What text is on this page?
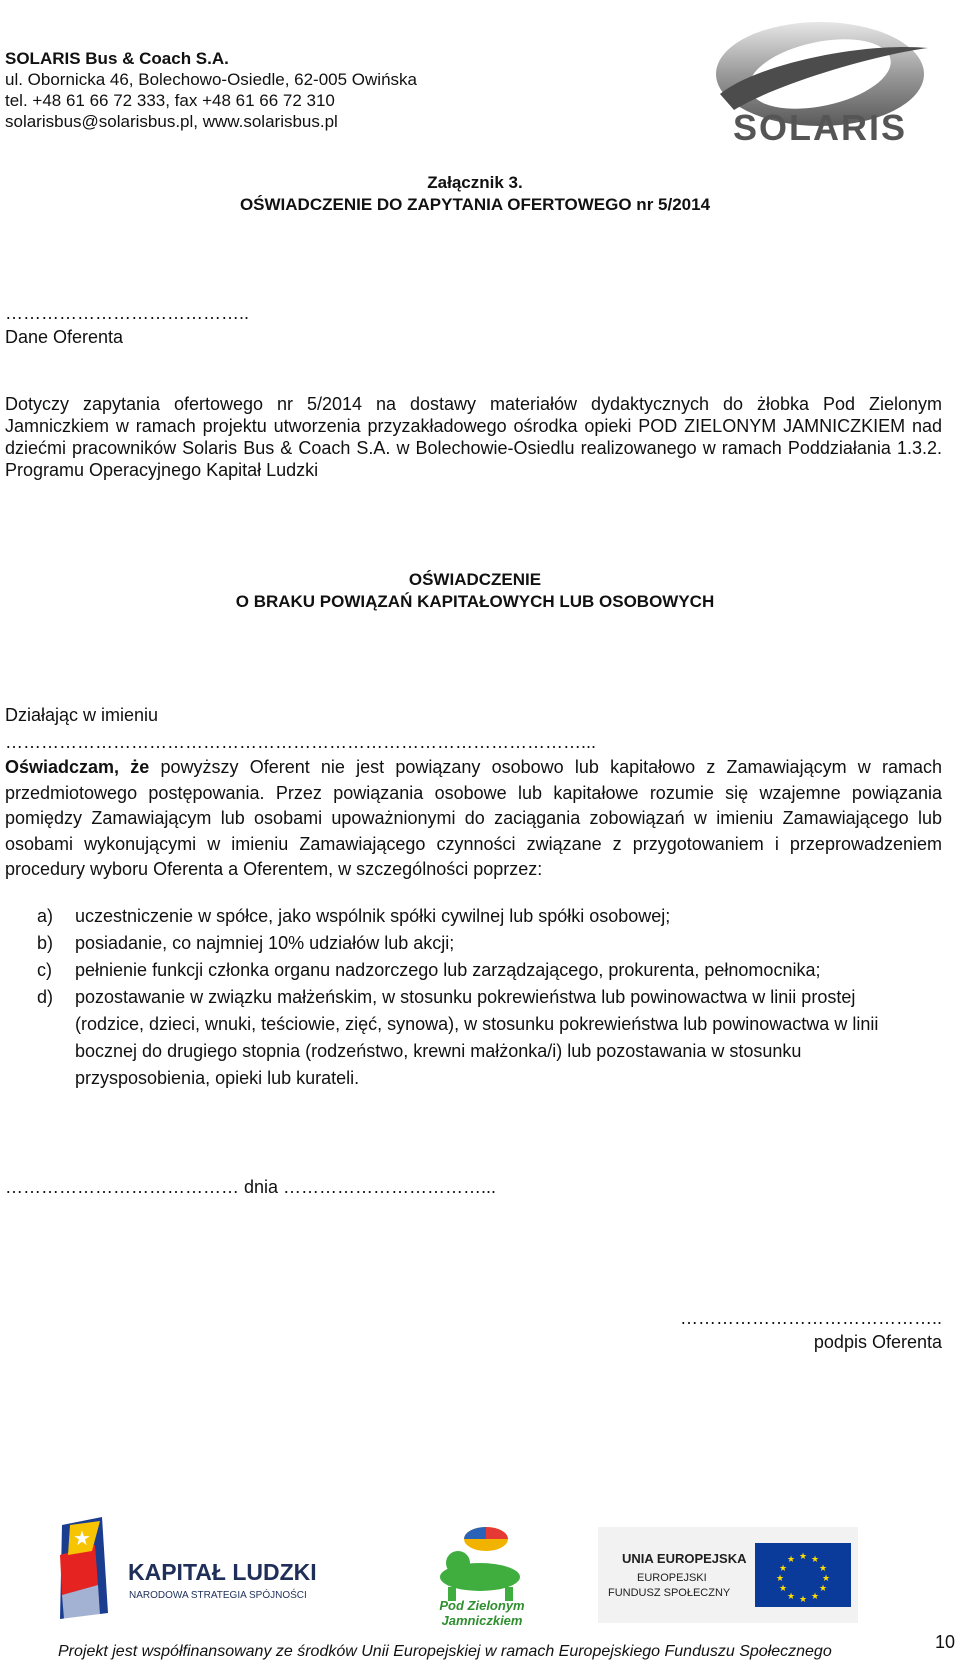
SOLARIS Bus & Coach S.A.
ul. Obornicka 46, Bolechowo-Osiedle, 62-005 Owińska
tel. +48 61 66 72 333, fax +48 61 66 72 310
solarisbus@solarisbus.pl, www.solarisbus.pl	SOLARIS
Załącznik 3.
OŚWIADCZENIE DO ZAPYTANIA OFERTOWEGO nr 5/2014
…………………………………..
Dane Oferenta
Dotyczy zapytania ofertowego nr 5/2014 na dostawy materiałów dydaktycznych do żłobka Pod Zielonym Jamniczkiem w ramach projektu utworzenia przyzakładowego ośrodka opieki POD ZIELONYM JAMNICZKIEM nad dziećmi pracowników Solaris Bus & Coach S.A. w Bolechowie-Osiedlu realizowanego w ramach Poddziałania 1.3.2. Programu Operacyjnego Kapitał Ludzki
OŚWIADCZENIE
O BRAKU POWIĄZAŃ KAPITAŁOWYCH LUB OSOBOWYCH
Działając w imieniu
……………………………………………………………………………………...
Oświadczam, że powyższy Oferent nie jest powiązany osobowo lub kapitałowo z Zamawiającym w ramach przedmiotowego postępowania. Przez powiązania osobowe lub kapitałowe rozumie się wzajemne powiązania pomiędzy Zamawiającym lub osobami upoważnionymi do zaciągania zobowiązań w imieniu Zamawiającego lub osobami wykonującymi w imieniu Zamawiającego czynności związane z przygotowaniem i przeprowadzeniem procedury wyboru Oferenta a Oferentem, w szczególności poprzez:
a) uczestniczenie w spółce, jako wspólnik spółki cywilnej lub spółki osobowej;
b) posiadanie, co najmniej 10% udziałów lub akcji;
c) pełnienie funkcji członka organu nadzorczego lub zarządzającego, prokurenta, pełnomocnika;
d) pozostawanie w związku małżeńskim, w stosunku pokrewieństwa lub powinowactwa w linii prostej (rodzice, dzieci, wnuki, teściowie, zięć, synowa), w stosunku pokrewieństwa lub powinowactwa w linii bocznej do drugiego stopnia (rodzeństwo, krewni małżonka/i) lub pozostawania w stosunku przysposobienia, opieki lub kurateli.
………………………………… dnia ……………………………...
……………………………………..
podpis Oferenta
★
KAPITAŁ LUDZKI
NARODOWA STRATEGIA SPÓJNOŚCI
Pod Zielonym
Jamniczkiem
UNIA EUROPEJSKA
EUROPEJSKI
FUNDUSZ SPOŁECZNY
★ ★
★
★
★
★
★
★
★
★
★
★
Projekt jest współfinansowany ze środków Unii Europejskiej w ramach Europejskiego Funduszu Społecznego	10
